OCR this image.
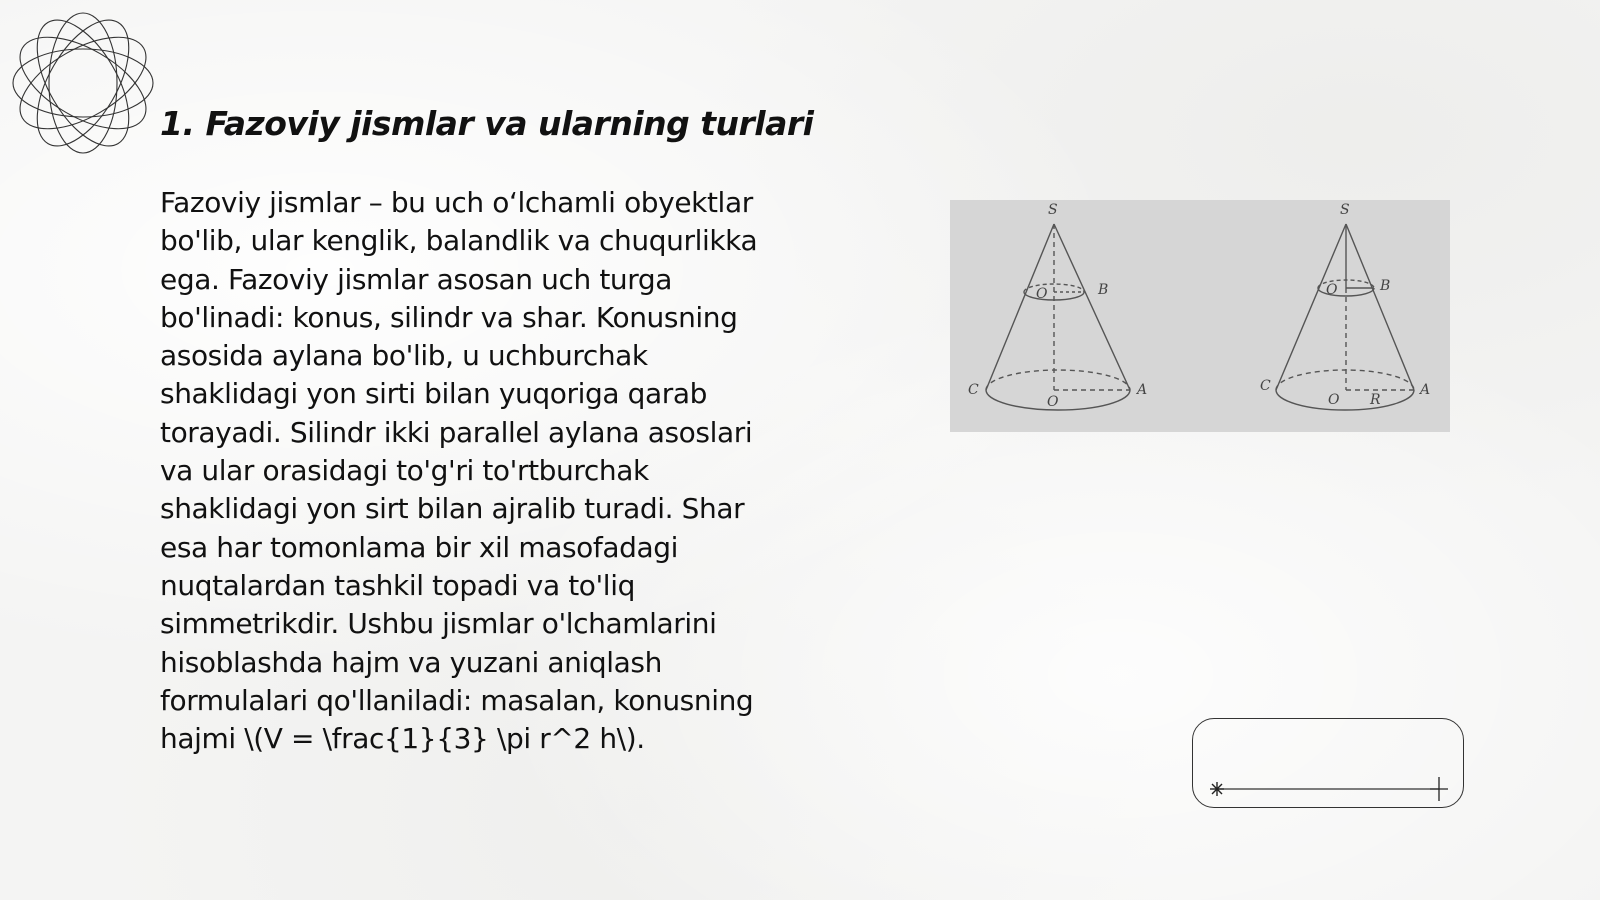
1. Fazoviy jismlar va ularning turlari

Fazoviy jismlar – bu uch o‘lchamli obyektlar
bo'lib, ular kenglik, balandlik va chuqurlikka
ega. Fazoviy jismlar asosan uch turga
bo'linadi: konus, silindr va shar. Konusning
asosida aylana bo'lib, u uchburchak
shaklidagi yon sirti bilan yuqoriga qarab
torayadi. Silindr ikki parallel aylana asoslari
va ular orasidagi to'g'ri to'rtburchak
shaklidagi yon sirt bilan ajralib turadi. Shar
esa har tomonlama bir xil masofadagi
nuqtalardan tashkil topadi va to'liq
simmetrikdir. Ushbu jismlar o'lchamlarini
hisoblashda hajm va yuzani aniqlash
formulalari qo'llaniladi: masalan, konusning
hajmi \(V = \frac{1}{3} \pi r^2 h\).

S
O	B
C
O
A
S
O	B
C
O R
A
